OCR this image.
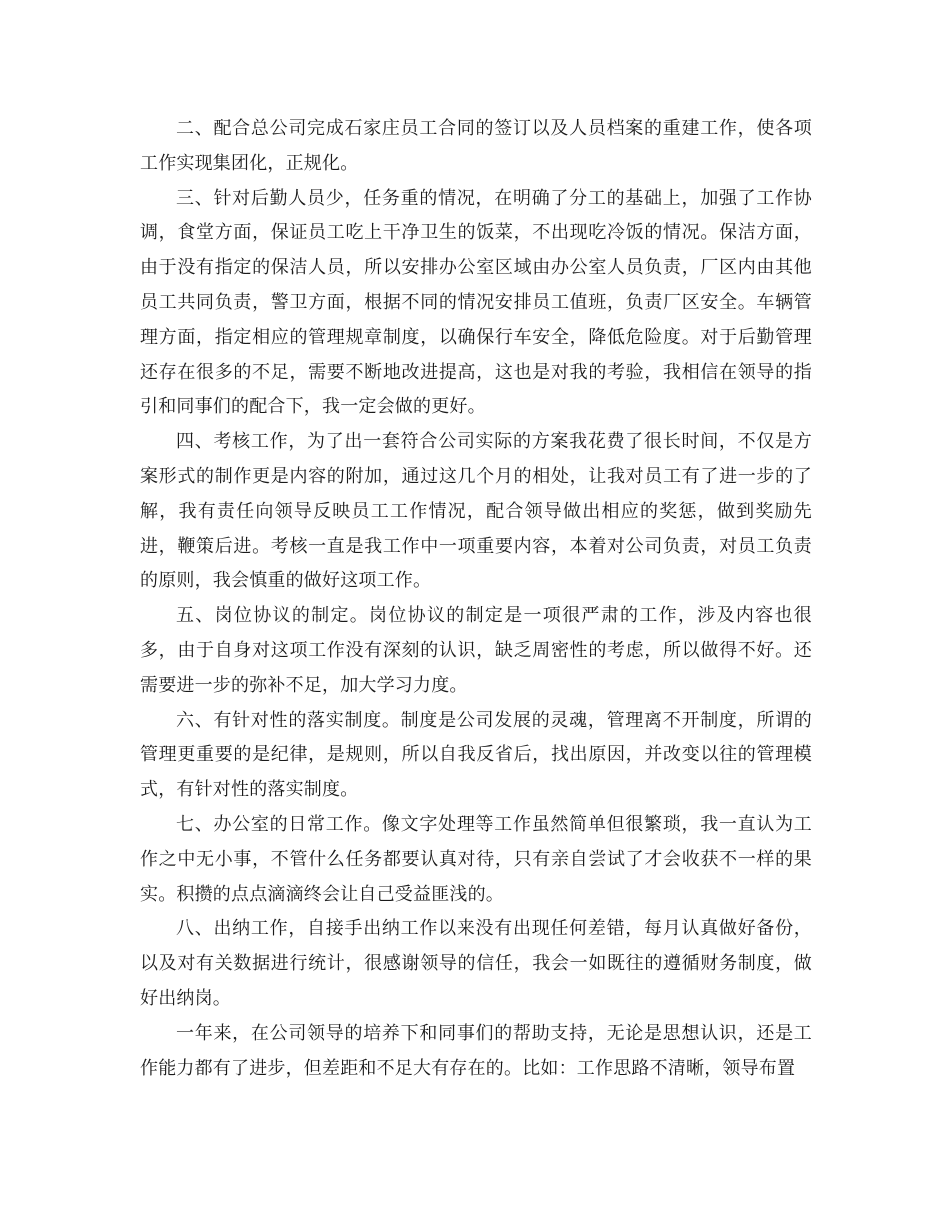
二、配合总公司完成石家庄员工合同的签订以及人员档案的重建工作，使各项工作实现集团化，正规化。

三、针对后勤人员少，任务重的情况，在明确了分工的基础上，加强了工作协调，食堂方面，保证员工吃上干净卫生的饭菜，不出现吃冷饭的情况。保洁方面，由于没有指定的保洁人员，所以安排办公室区域由办公室人员负责，厂区内由其他员工共同负责，警卫方面，根据不同的情况安排员工值班，负责厂区安全。车辆管理方面，指定相应的管理规章制度，以确保行车安全，降低危险度。对于后勤管理还存在很多的不足，需要不断地改进提高，这也是对我的考验，我相信在领导的指引和同事们的配合下，我一定会做的更好。

四、考核工作，为了出一套符合公司实际的方案我花费了很长时间，不仅是方案形式的制作更是内容的附加，通过这几个月的相处，让我对员工有了进一步的了解，我有责任向领导反映员工工作情况，配合领导做出相应的奖惩，做到奖励先进，鞭策后进。考核一直是我工作中一项重要内容，本着对公司负责，对员工负责的原则，我会慎重的做好这项工作。

五、岗位协议的制定。岗位协议的制定是一项很严肃的工作，涉及内容也很多，由于自身对这项工作没有深刻的认识，缺乏周密性的考虑，所以做得不好。还需要进一步的弥补不足，加大学习力度。

六、有针对性的落实制度。制度是公司发展的灵魂，管理离不开制度，所谓的管理更重要的是纪律，是规则，所以自我反省后，找出原因，并改变以往的管理模式，有针对性的落实制度。

七、办公室的日常工作。像文字处理等工作虽然简单但很繁琐，我一直认为工作之中无小事，不管什么任务都要认真对待，只有亲自尝试了才会收获不一样的果实。积攒的点点滴滴终会让自己受益匪浅的。

八、出纳工作，自接手出纳工作以来没有出现任何差错，每月认真做好备份，以及对有关数据进行统计，很感谢领导的信任，我会一如既往的遵循财务制度，做好出纳岗。

一年来，在公司领导的培养下和同事们的帮助支持，无论是思想认识，还是工作能力都有了进步，但差距和不足大有存在的。比如：工作思路不清晰，领导布置
